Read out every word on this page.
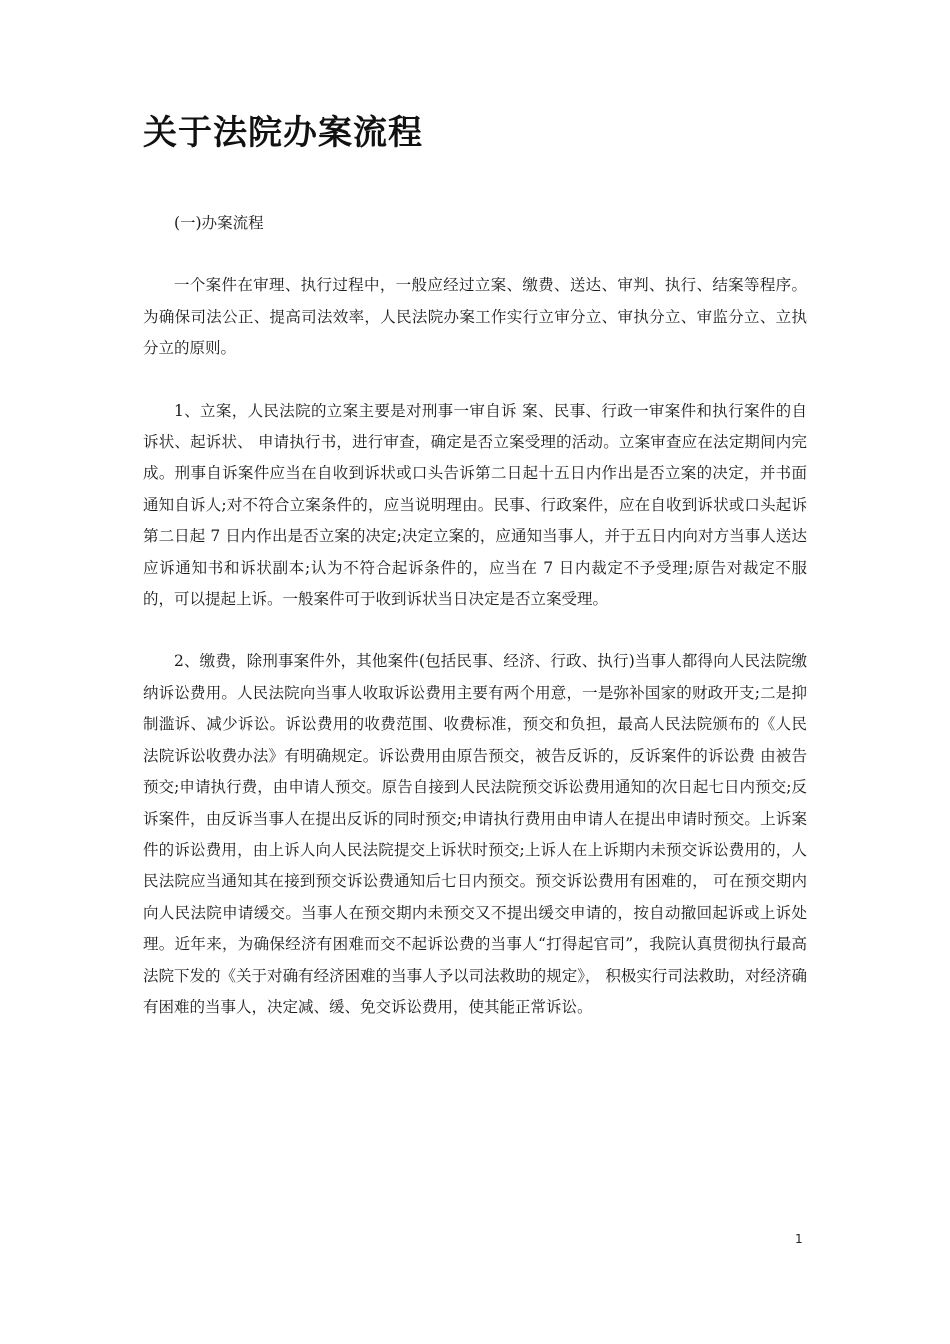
关于法院办案流程

(一)办案流程

一个案件在审理、执行过程中，一般应经过立案、缴费、送达、审判、执行、结案等程序。为确保司法公正、提高司法效率，人民法院办案工作实行立审分立、审执分立、审监分立、立执分立的原则。

1、立案，人民法院的立案主要是对刑事一审自诉 案、民事、行政一审案件和执行案件的自诉状、起诉状、 申请执行书，进行审查，确定是否立案受理的活动。立案审查应在法定期间内完成。刑事自诉案件应当在自收到诉状或口头告诉第二日起十五日内作出是否立案的决定，并书面通知自诉人;对不符合立案条件的，应当说明理由。民事、行政案件，应在自收到诉状或口头起诉 第二日起 7 日内作出是否立案的决定;决定立案的，应通知当事人，并于五日内向对方当事人送达应诉通知书和诉状副本;认为不符合起诉条件的，应当在 7 日内裁定不予受理;原告对裁定不服的，可以提起上诉。一般案件可于收到诉状当日决定是否立案受理。

2、缴费，除刑事案件外，其他案件(包括民事、经济、行政、执行)当事人都得向人民法院缴纳诉讼费用。人民法院向当事人收取诉讼费用主要有两个用意，一是弥补国家的财政开支;二是抑制滥诉、减少诉讼。诉讼费用的收费范围、收费标准，预交和负担，最高人民法院颁布的《人民法院诉讼收费办法》有明确规定。诉讼费用由原告预交，被告反诉的，反诉案件的诉讼费 由被告预交;申请执行费，由申请人预交。原告自接到人民法院预交诉讼费用通知的次日起七日内预交;反诉案件，由反诉当事人在提出反诉的同时预交;申请执行费用由申请人在提出申请时预交。上诉案件的诉讼费用，由上诉人向人民法院提交上诉状时预交;上诉人在上诉期内未预交诉讼费用的，人民法院应当通知其在接到预交诉讼费通知后七日内预交。预交诉讼费用有困难的， 可在预交期内向人民法院申请缓交。当事人在预交期内未预交又不提出缓交申请的，按自动撤回起诉或上诉处理。近年来，为确保经济有困难而交不起诉讼费的当事人“打得起官司”，我院认真贯彻执行最高法院下发的《关于对确有经济困难的当事人予以司法救助的规定》， 积极实行司法救助，对经济确有困难的当事人，决定减、缓、免交诉讼费用，使其能正常诉讼。

1
